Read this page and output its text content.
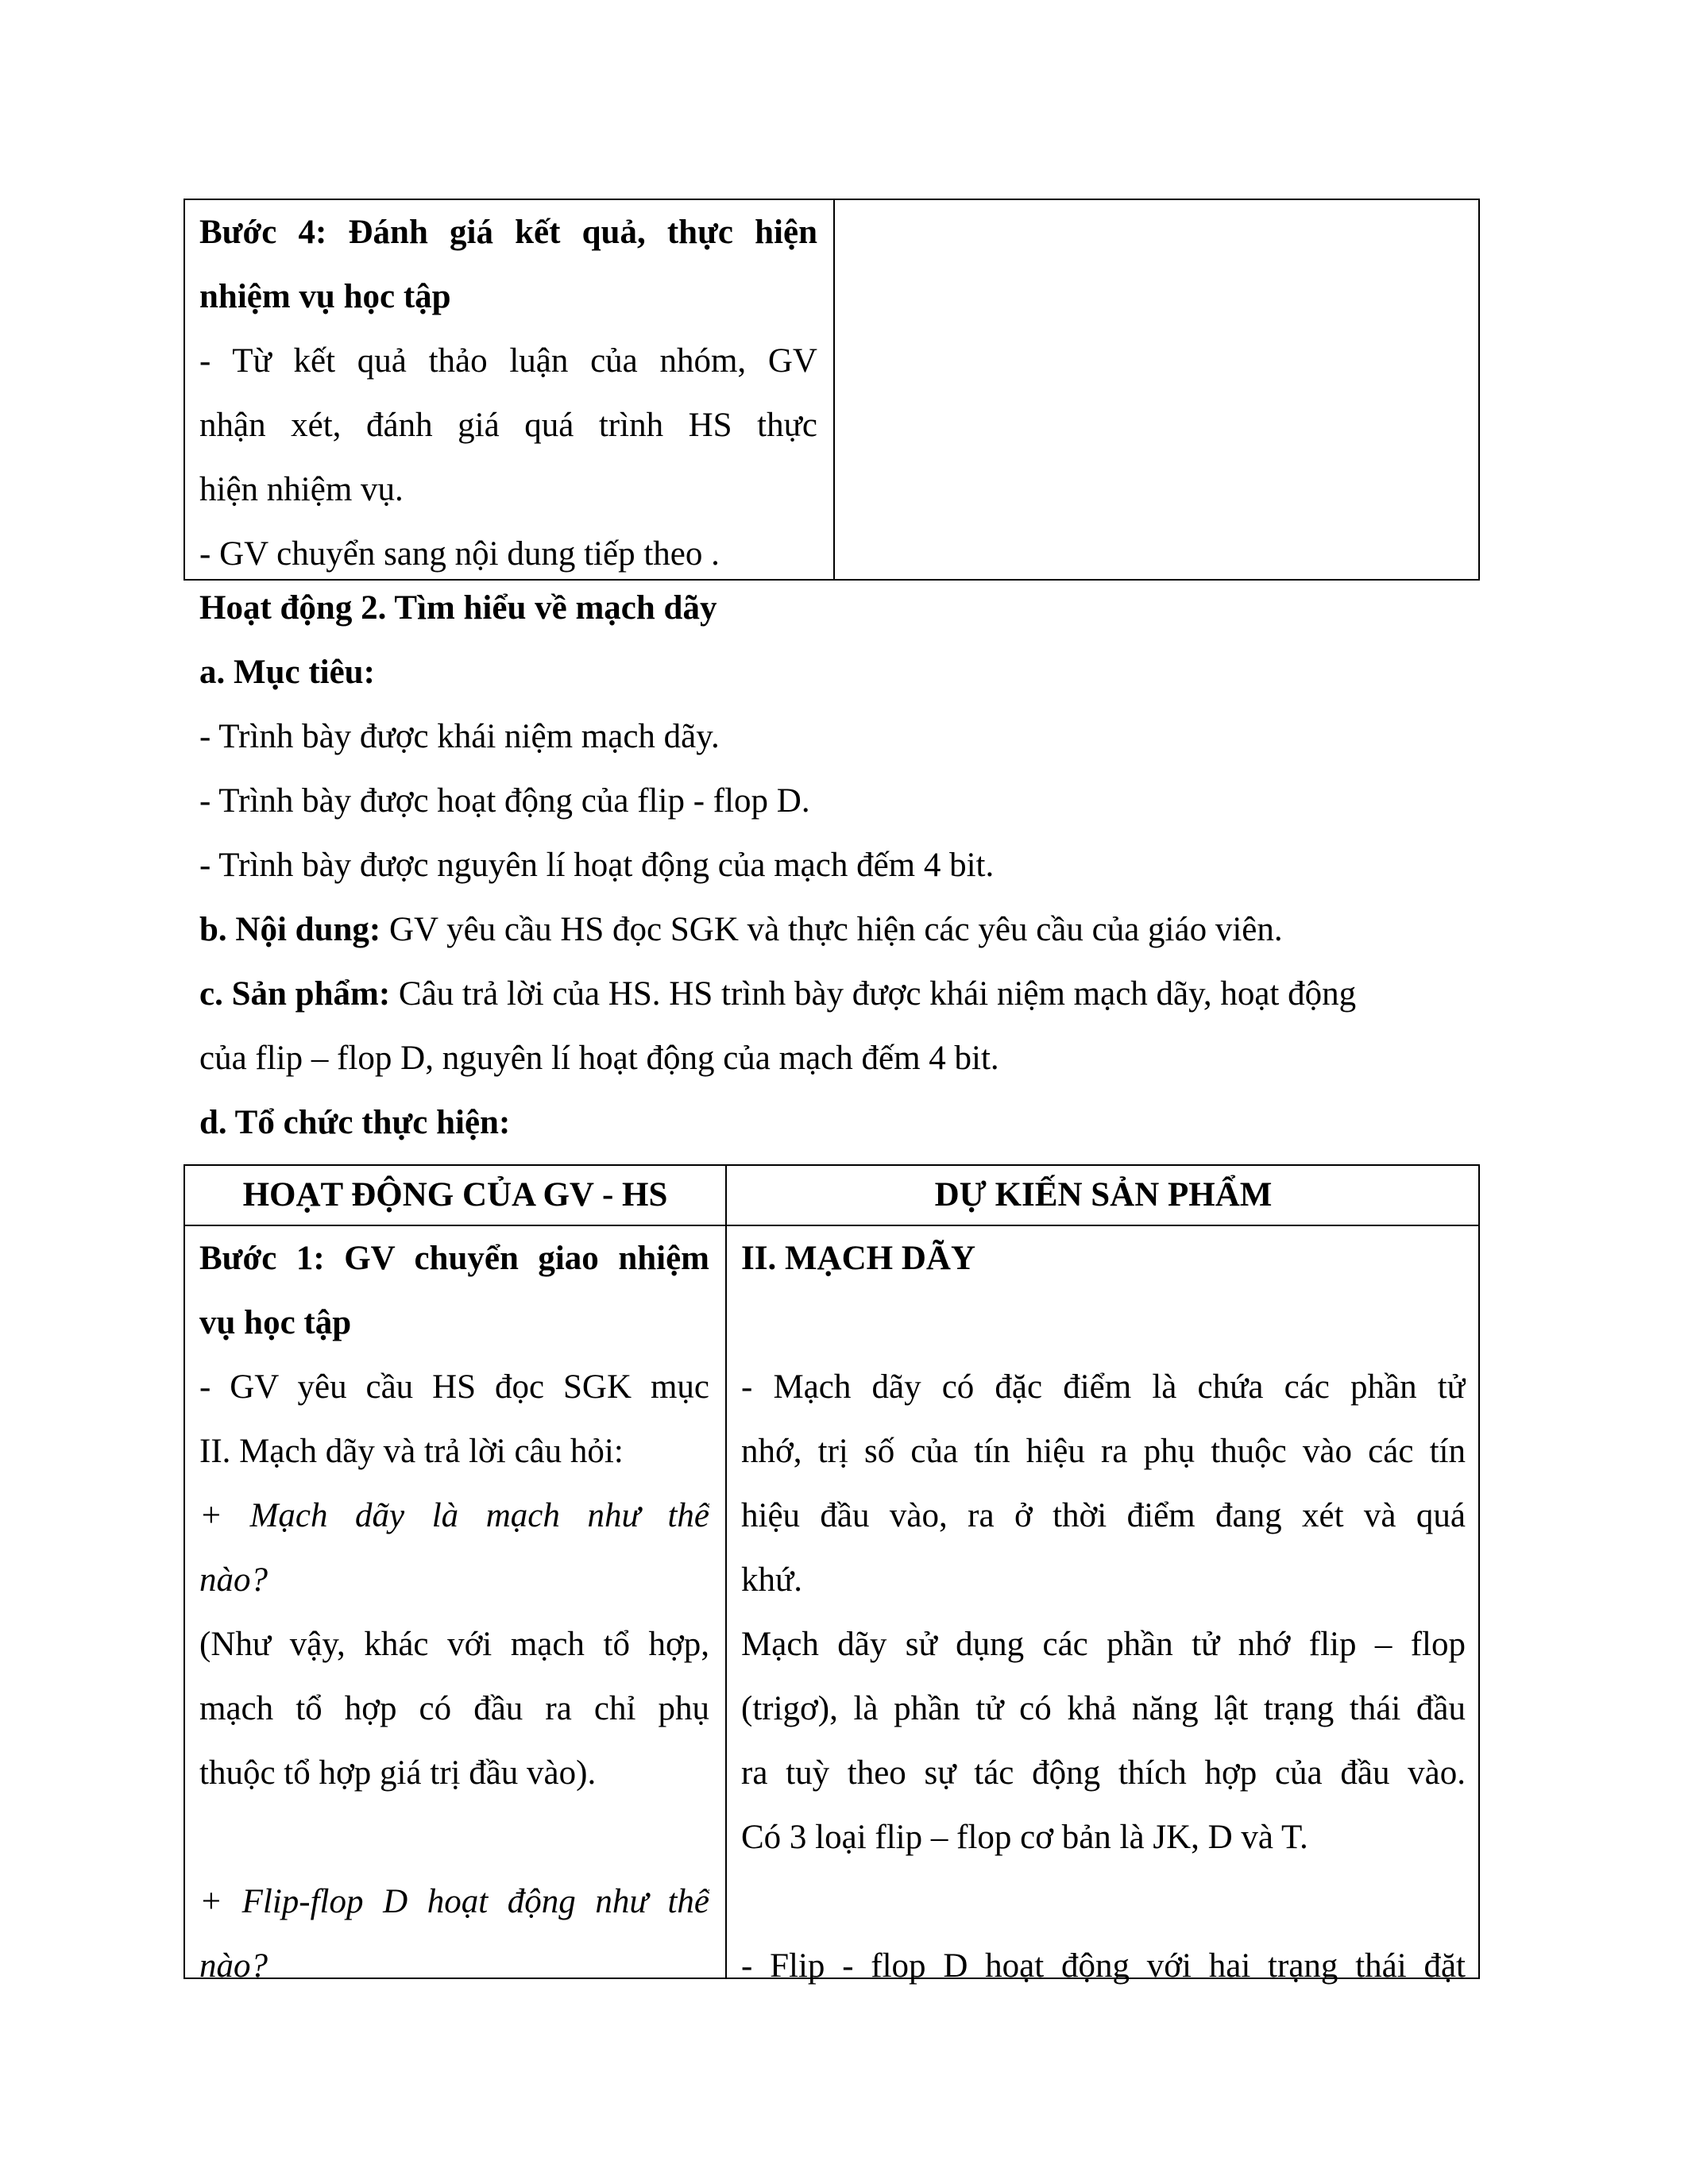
Bước 4: Đánh giá kết quả, thực hiện
nhiệm vụ học tập
- Từ kết quả thảo luận của nhóm, GV
nhận xét, đánh giá quá trình HS thực
hiện nhiệm vụ.
- GV chuyển sang nội dung tiếp theo .
Hoạt động 2. Tìm hiểu về mạch dãy
a. Mục tiêu:
- Trình bày được khái niệm mạch dãy.
- Trình bày được hoạt động của flip - flop D.
- Trình bày được nguyên lí hoạt động của mạch đếm 4 bit.
b. Nội dung: GV yêu cầu HS đọc SGK và thực hiện các yêu cầu của giáo viên.
c. Sản phẩm: Câu trả lời của HS. HS trình bày được khái niệm mạch dãy, hoạt động
của flip – flop D, nguyên lí hoạt động của mạch đếm 4 bit.
d. Tổ chức thực hiện:
HOẠT ĐỘNG CỦA GV - HS	DỰ KIẾN SẢN PHẨM
Bước 1: GV chuyển giao nhiệm
vụ học tập
- GV yêu cầu HS đọc SGK mục
II. Mạch dãy và trả lời câu hỏi:
+ Mạch dãy là mạch như thế
nào?
(Như vậy, khác với mạch tổ hợp,
mạch tổ hợp có đầu ra chỉ phụ
thuộc tổ hợp giá trị đầu vào).
+ Flip-flop D hoạt động như thế
nào?
II. MẠCH DÃY
- Mạch dãy có đặc điểm là chứa các phần tử
nhớ, trị số của tín hiệu ra phụ thuộc vào các tín
hiệu đầu vào, ra ở thời điểm đang xét và quá
khứ.
Mạch dãy sử dụng các phần tử nhớ flip – flop
(trigơ), là phần tử có khả năng lật trạng thái đầu
ra tuỳ theo sự tác động thích hợp của đầu vào.
Có 3 loại flip – flop cơ bản là JK, D và T.
- Flip - flop D hoạt động với hai trạng thái đặt
